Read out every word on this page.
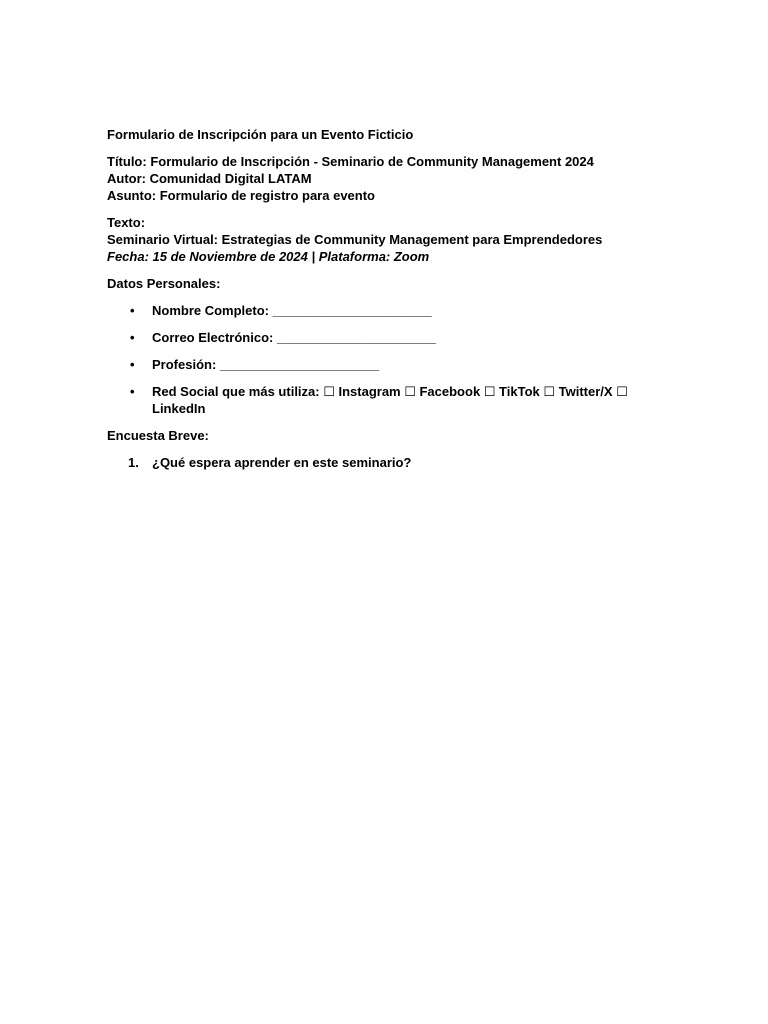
Formulario de Inscripción para un Evento Ficticio

Título: Formulario de Inscripción - Seminario de Community Management 2024
Autor: Comunidad Digital LATAM
Asunto: Formulario de registro para evento

Texto:
Seminario Virtual: Estrategias de Community Management para Emprendedores
Fecha: 15 de Noviembre de 2024 | Plataforma: Zoom

Datos Personales:

• Nombre Completo: ______________________
• Correo Electrónico: ______________________
• Profesión: ______________________
• Red Social que más utiliza: ☐ Instagram ☐ Facebook ☐ TikTok ☐ Twitter/X ☐ LinkedIn

Encuesta Breve:

1. ¿Qué espera aprender en este seminario?
